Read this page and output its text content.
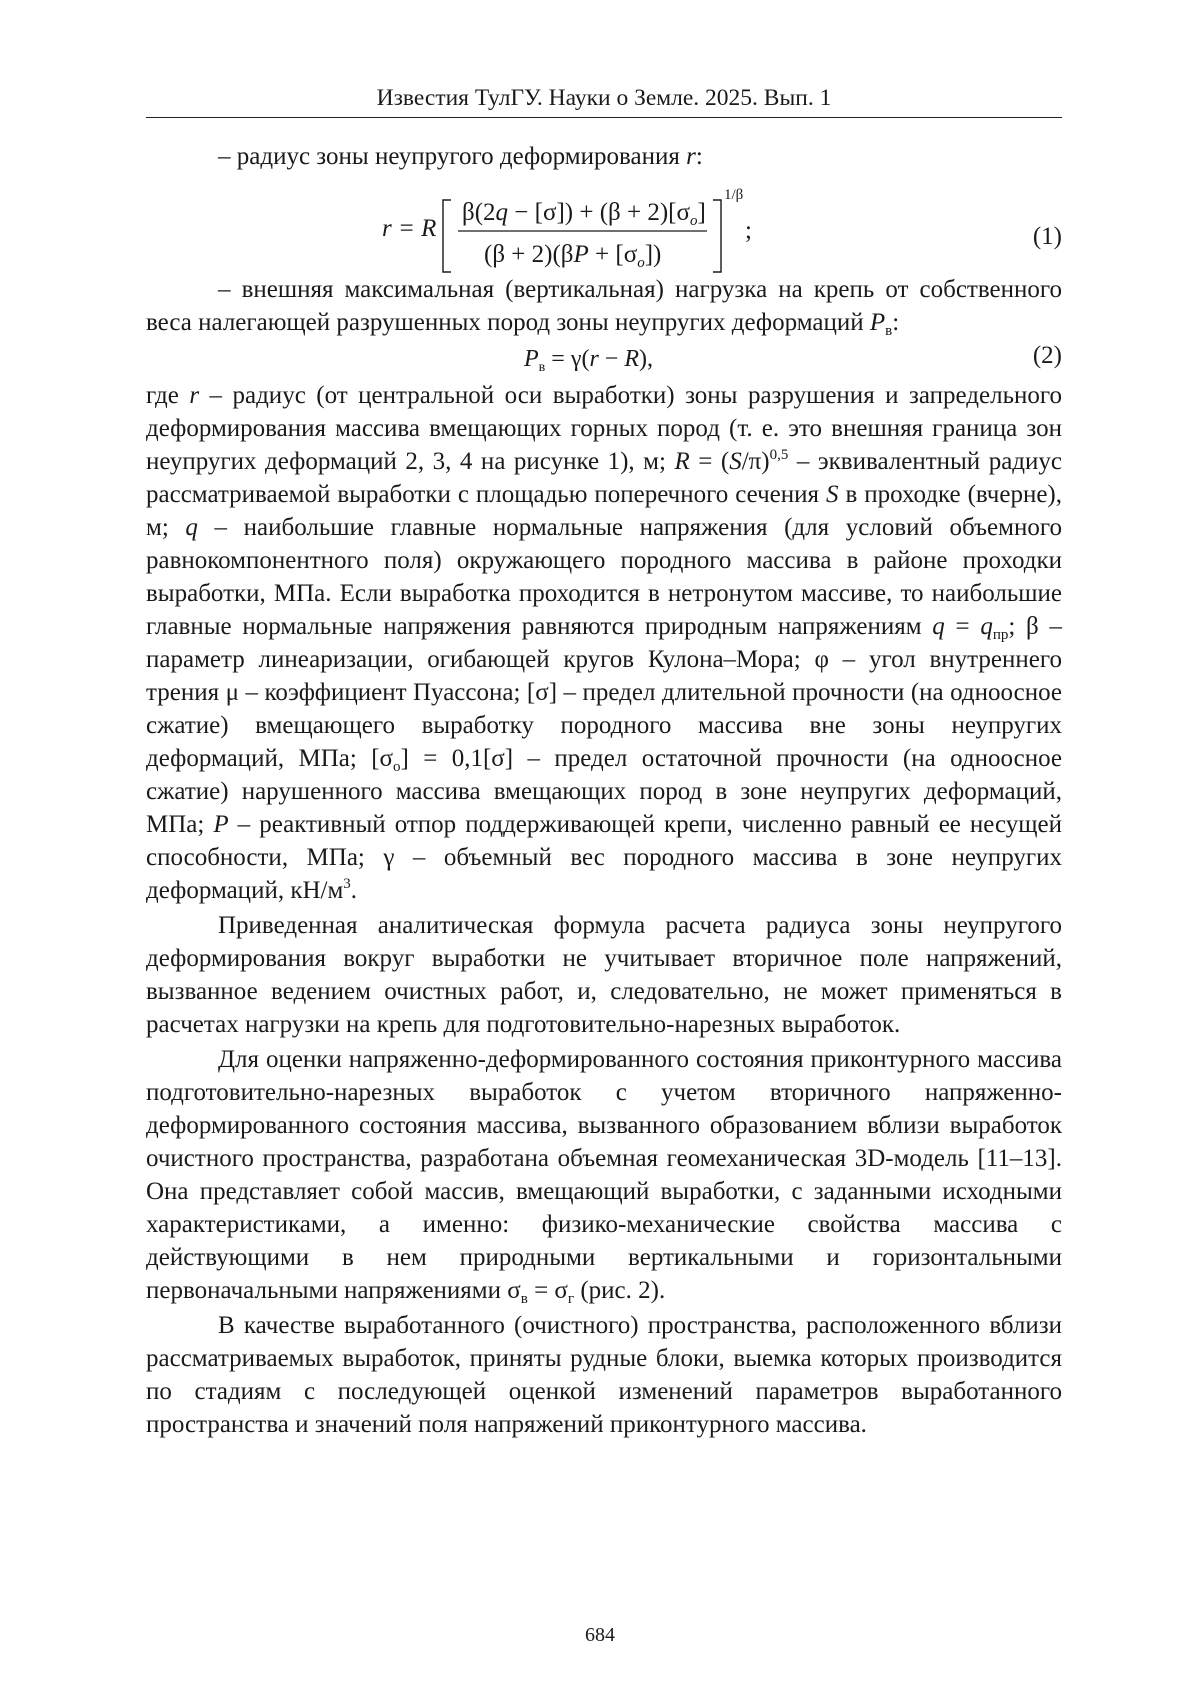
Известия ТулГУ. Науки о Земле. 2025. Вып. 1

– радиус зоны неупругого деформирования r:

r = R
$\beta(2q - [\sigma]) + (\beta + 2)[\sigma_o]$
$(\beta + 2)(\beta P + [\sigma_o])$
1/β
;	(1)

– внешняя максимальная (вертикальная) нагрузка на крепь от собственного веса налегающей разрушенных пород зоны неупругих деформаций $P_в$:

$P_в = \gamma(r - R)$,	(2)

где r – радиус (от центральной оси выработки) зоны разрушения и запредельного деформирования массива вмещающих горных пород (т. е. это внешняя граница зон неупругих деформаций 2, 3, 4 на рисунке 1), м; $R = (S/\pi)^{0,5}$ – эквивалентный радиус рассматриваемой выработки с площадью поперечного сечения S в проходке (вчерне), м; q – наибольшие главные нормальные напряжения (для условий объемного равнокомпонентного поля) окружающего породного массива в районе проходки выработки, МПа. Если выработка проходится в нетронутом массиве, то наибольшие главные нормальные напряжения равняются природным напряжениям $q = q_{пр}$; β – параметр линеаризации, огибающей кругов Кулона–Мора; φ – угол внутреннего трения μ – коэффициент Пуассона; [σ] – предел длительной прочности (на одноосное сжатие) вмещающего выработку породного массива вне зоны неупругих деформаций, МПа; $[\sigma_о] = 0,1[\sigma]$ – предел остаточной прочности (на одноосное сжатие) нарушенного массива вмещающих пород в зоне неупругих деформаций, МПа; P – реактивный отпор поддерживающей крепи, численно равный ее несущей способности, МПа; γ – объемный вес породного массива в зоне неупругих деформаций, $кН/м^3$.

Приведенная аналитическая формула расчета радиуса зоны неупругого деформирования вокруг выработки не учитывает вторичное поле напряжений, вызванное ведением очистных работ, и, следовательно, не может применяться в расчетах нагрузки на крепь для подготовительно-нарезных выработок.

Для оценки напряженно-деформированного состояния приконтурного массива подготовительно-нарезных выработок с учетом вторичного напряженно-деформированного состояния массива, вызванного образованием вблизи выработок очистного пространства, разработана объемная геомеханическая 3D-модель [11–13]. Она представляет собой массив, вмещающий выработки, с заданными исходными характеристиками, а именно: физико-механические свойства массива с действующими в нем природными вертикальными и горизонтальными первоначальными напряжениями $\sigma_в = \sigma_г$ (рис. 2).

В качестве выработанного (очистного) пространства, расположенного вблизи рассматриваемых выработок, приняты рудные блоки, выемка которых производится по стадиям с последующей оценкой изменений параметров выработанного пространства и значений поля напряжений приконтурного массива.

684
